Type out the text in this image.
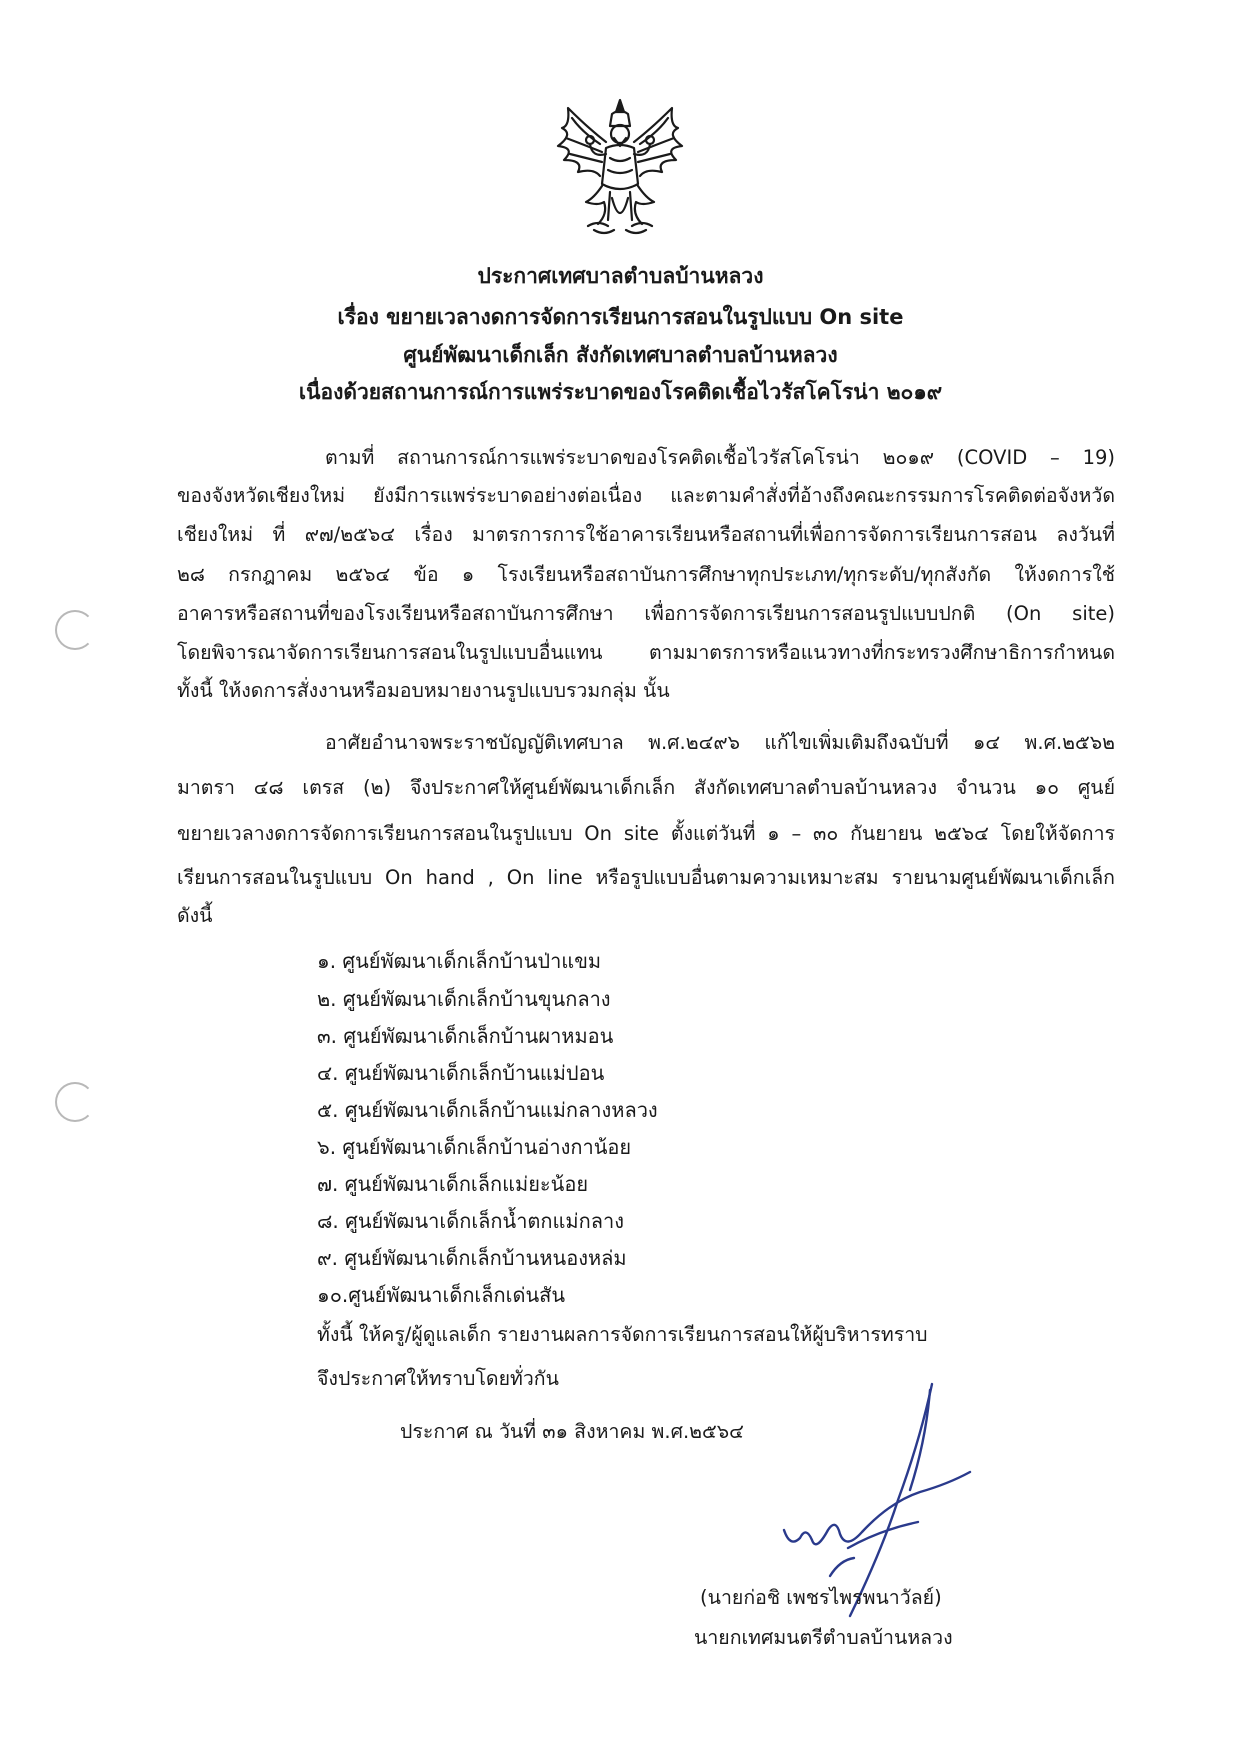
ประกาศเทศบาลตำบลบ้านหลวง
เรื่อง ขยายเวลางดการจัดการเรียนการสอนในรูปแบบ On site
ศูนย์พัฒนาเด็กเล็ก สังกัดเทศบาลตำบลบ้านหลวง
เนื่องด้วยสถานการณ์การแพร่ระบาดของโรคติดเชื้อไวรัสโคโรน่า ๒๐๑๙
ตามที่ สถานการณ์การแพร่ระบาดของโรคติดเชื้อไวรัสโคโรน่า ๒๐๑๙ (COVID – 19)
ของจังหวัดเชียงใหม่ ยังมีการแพร่ระบาดอย่างต่อเนื่อง และตามคำสั่งที่อ้างถึงคณะกรรมการโรคติดต่อจังหวัด
เชียงใหม่ ที่ ๙๗/๒๕๖๔ เรื่อง มาตรการการใช้อาคารเรียนหรือสถานที่เพื่อการจัดการเรียนการสอน ลงวันที่
๒๘ กรกฎาคม ๒๕๖๔ ข้อ ๑ โรงเรียนหรือสถาบันการศึกษาทุกประเภท/ทุกระดับ/ทุกสังกัด ให้งดการใช้
อาคารหรือสถานที่ของโรงเรียนหรือสถาบันการศึกษา เพื่อการจัดการเรียนการสอนรูปแบบปกติ (On site)
โดยพิจารณาจัดการเรียนการสอนในรูปแบบอื่นแทน ตามมาตรการหรือแนวทางที่กระทรวงศึกษาธิการกำหนด
ทั้งนี้ ให้งดการสั่งงานหรือมอบหมายงานรูปแบบรวมกลุ่ม นั้น
อาศัยอำนาจพระราชบัญญัติเทศบาล พ.ศ.๒๔๙๖ แก้ไขเพิ่มเติมถึงฉบับที่ ๑๔ พ.ศ.๒๕๖๒
มาตรา ๔๘ เตรส (๒) จึงประกาศให้ศูนย์พัฒนาเด็กเล็ก สังกัดเทศบาลตำบลบ้านหลวง จำนวน ๑๐ ศูนย์
ขยายเวลางดการจัดการเรียนการสอนในรูปแบบ On site ตั้งแต่วันที่ ๑ – ๓๐ กันยายน ๒๕๖๔ โดยให้จัดการ
เรียนการสอนในรูปแบบ On hand , On line หรือรูปแบบอื่นตามความเหมาะสม รายนามศูนย์พัฒนาเด็กเล็ก
ดังนี้
๑. ศูนย์พัฒนาเด็กเล็กบ้านป่าแขม
๒. ศูนย์พัฒนาเด็กเล็กบ้านขุนกลาง
๓. ศูนย์พัฒนาเด็กเล็กบ้านผาหมอน
๔. ศูนย์พัฒนาเด็กเล็กบ้านแม่ปอน
๕. ศูนย์พัฒนาเด็กเล็กบ้านแม่กลางหลวง
๖. ศูนย์พัฒนาเด็กเล็กบ้านอ่างกาน้อย
๗. ศูนย์พัฒนาเด็กเล็กแม่ยะน้อย
๘. ศูนย์พัฒนาเด็กเล็กน้ำตกแม่กลาง
๙. ศูนย์พัฒนาเด็กเล็กบ้านหนองหล่ม
๑๐.ศูนย์พัฒนาเด็กเล็กเด่นสัน
ทั้งนี้ ให้ครู/ผู้ดูแลเด็ก รายงานผลการจัดการเรียนการสอนให้ผู้บริหารทราบ
จึงประกาศให้ทราบโดยทั่วกัน
ประกาศ ณ วันที่ ๓๑ สิงหาคม พ.ศ.๒๕๖๔
(นายก่อชิ เพชรไพรพนาวัลย์)
นายกเทศมนตรีตำบลบ้านหลวง
